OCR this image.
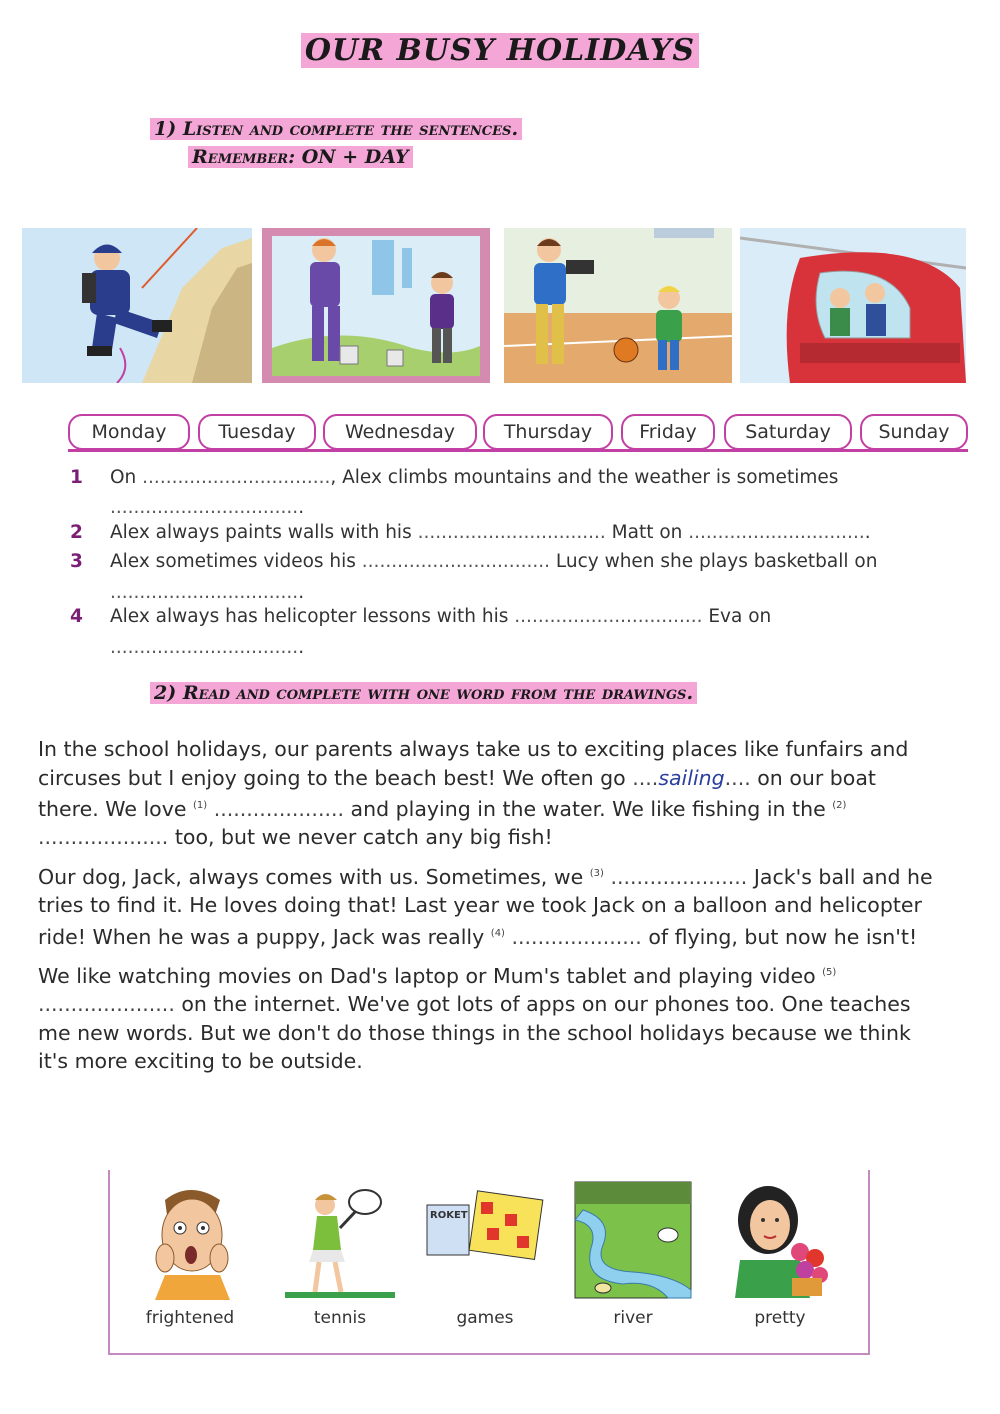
OUR BUSY HOLIDAYS
1) Listen and complete the sentences.
Remember: ON + DAY
Monday	Tuesday	Wednesday	Thursday	Friday	Saturday	Sunday
1 On ................................, Alex climbs mountains and the weather is sometimes
.................................
2 Alex always paints walls with his ................................ Matt on ...............................
3 Alex sometimes videos his ................................ Lucy when she plays basketball on
.................................
4 Alex always has helicopter lessons with his ................................ Eva on
.................................
2) Read and complete with one word from the drawings.

In the school holidays, our parents always take us to exciting places like funfairs and circuses but I enjoy going to the beach best! We often go ....sailing.... on our boat there. We love $^{(1)}$ .................... and playing in the water. We like fishing in the $^{(2)}$ .................... too, but we never catch any big fish!

Our dog, Jack, always comes with us. Sometimes, we $^{(3)}$ ..................... Jack's ball and he tries to find it. He loves doing that! Last year we took Jack on a balloon and helicopter ride! When he was a puppy, Jack was really $^{(4)}$ .................... of flying, but now he isn't!

We like watching movies on Dad's laptop or Mum's tablet and playing video $^{(5)}$ ..................... on the internet. We've got lots of apps on our phones too. One teaches me new words. But we don't do those things in the school holidays because we think it's more exciting to be outside.

frightened	tennis
ROKET
games	river	pretty
